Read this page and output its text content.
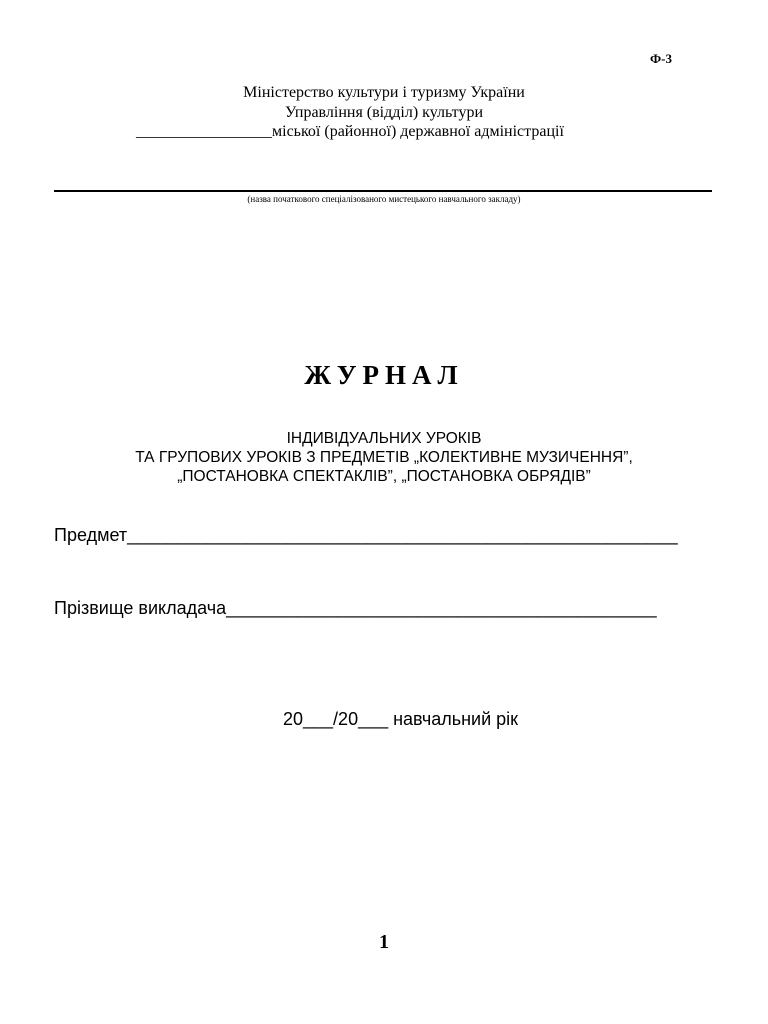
Ф-3
Міністерство культури і туризму України
Управління (відділ) культури
_________________міської (районної) державної адміністрації
(назва початкового спеціалізованого мистецького навчального закладу)
ЖУРНАЛ
ІНДИВІДУАЛЬНИХ УРОКІВ
ТА ГРУПОВИХ УРОКІВ З ПРЕДМЕТІВ „КОЛЕКТИВНЕ МУЗИЧЕННЯ”,
„ПОСТАНОВКА СПЕКТАКЛІВ”, „ПОСТАНОВКА ОБРЯДІВ”
Предмет_______________________________________________________
Прізвище викладача___________________________________________
20___/20___ навчальний рік
1
